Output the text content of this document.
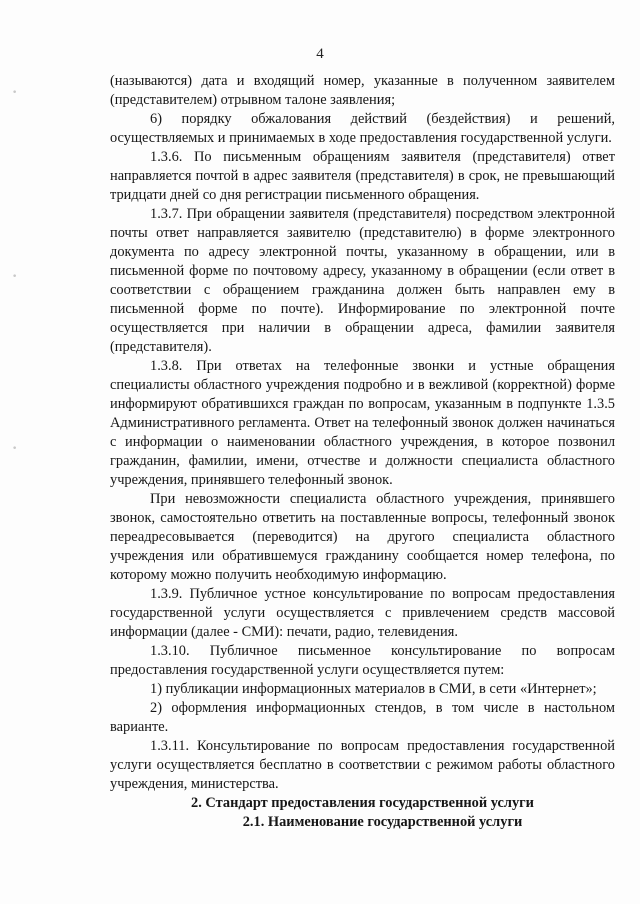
•
•
•
4

(называются) дата и входящий номер, указанные в полученном заявителем (представителем) отрывном талоне заявления;

6) порядку обжалования действий (бездействия) и решений, осуществляемых и принимаемых в ходе предоставления государственной услуги.

1.3.6. По письменным обращениям заявителя (представителя) ответ направляется почтой в адрес заявителя (представителя) в срок, не превышающий тридцати дней со дня регистрации письменного обращения.

1.3.7. При обращении заявителя (представителя) посредством электронной почты ответ направляется заявителю (представителю) в форме электронного документа по адресу электронной почты, указанному в обращении, или в письменной форме по почтовому адресу, указанному в обращении (если ответ в соответствии с обращением гражданина должен быть направлен ему в письменной форме по почте). Информирование по электронной почте осуществляется при наличии в обращении адреса, фамилии заявителя (представителя).

1.3.8. При ответах на телефонные звонки и устные обращения специалисты областного учреждения подробно и в вежливой (корректной) форме информируют обратившихся граждан по вопросам, указанным в подпункте 1.3.5 Административного регламента. Ответ на телефонный звонок должен начинаться с информации о наименовании областного учреждения, в которое позвонил гражданин, фамилии, имени, отчестве и должности специалиста областного учреждения, принявшего телефонный звонок.

При невозможности специалиста областного учреждения, принявшего звонок, самостоятельно ответить на поставленные вопросы, телефонный звонок переадресовывается (переводится) на другого специалиста областного учреждения или обратившемуся гражданину сообщается номер телефона, по которому можно получить необходимую информацию.

1.3.9. Публичное устное консультирование по вопросам предоставления государственной услуги осуществляется с привлечением средств массовой информации (далее - СМИ): печати, радио, телевидения.

1.3.10. Публичное письменное консультирование по вопросам предоставления государственной услуги осуществляется путем:

1) публикации информационных материалов в СМИ, в сети «Интернет»;

2) оформления информационных стендов, в том числе в настольном варианте.

1.3.11. Консультирование по вопросам предоставления государственной услуги осуществляется бесплатно в соответствии с режимом работы областного учреждения, министерства.

2. Стандарт предоставления государственной услуги

2.1. Наименование государственной услуги
